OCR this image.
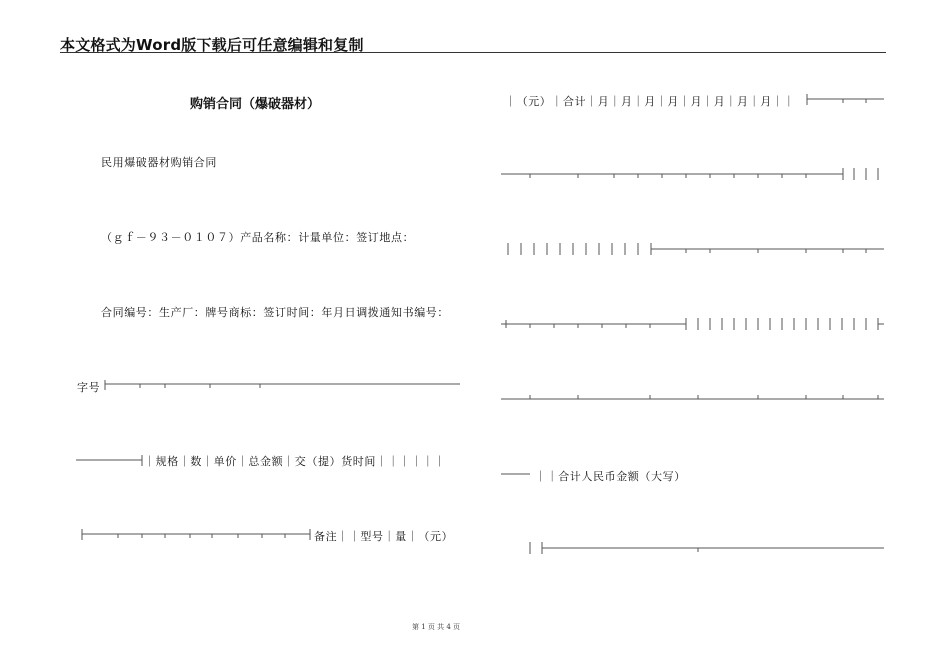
本文格式为Word版下载后可任意编辑和复制
购销合同（爆破器材）
民用爆破器材购销合同
（ｇｆ－９３－０１０７）产品名称：计量单位：签订地点：
合同编号：生产厂：牌号商标：签订时间：年月日调拨通知书编号：
字号
｜规格｜数｜单价｜总金额｜交（提）货时间｜｜｜｜｜｜
备注｜｜型号｜量｜（元）
｜（元）｜合计｜月｜月｜月｜月｜月｜月｜月｜月｜｜
｜｜合计人民币金额（大写）
第 1 页 共 4 页
